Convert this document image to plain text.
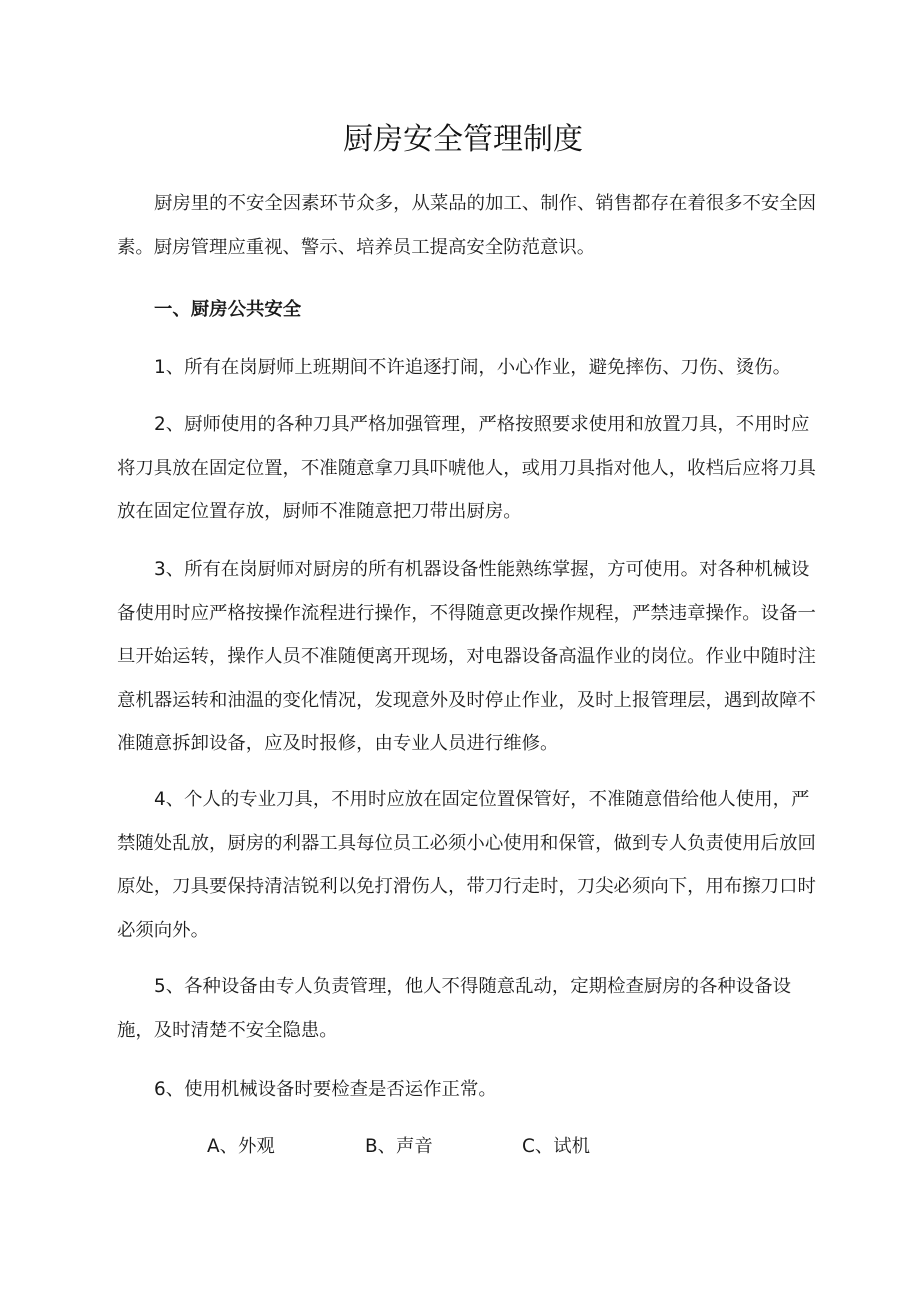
厨房安全管理制度

厨房里的不安全因素环节众多，从菜品的加工、制作、销售都存在着很多不安全因素。厨房管理应重视、警示、培养员工提高安全防范意识。

一、厨房公共安全

1、所有在岗厨师上班期间不许追逐打闹，小心作业，避免摔伤、刀伤、烫伤。

2、厨师使用的各种刀具严格加强管理，严格按照要求使用和放置刀具，不用时应将刀具放在固定位置，不准随意拿刀具吓唬他人，或用刀具指对他人，收档后应将刀具放在固定位置存放，厨师不准随意把刀带出厨房。

3、所有在岗厨师对厨房的所有机器设备性能熟练掌握，方可使用。对各种机械设备使用时应严格按操作流程进行操作，不得随意更改操作规程，严禁违章操作。设备一旦开始运转，操作人员不准随便离开现场，对电器设备高温作业的岗位。作业中随时注意机器运转和油温的变化情况，发现意外及时停止作业，及时上报管理层，遇到故障不准随意拆卸设备，应及时报修，由专业人员进行维修。

4、个人的专业刀具，不用时应放在固定位置保管好，不准随意借给他人使用，严禁随处乱放，厨房的利器工具每位员工必须小心使用和保管，做到专人负责使用后放回原处，刀具要保持清洁锐利以免打滑伤人，带刀行走时，刀尖必须向下，用布擦刀口时必须向外。

5、各种设备由专人负责管理，他人不得随意乱动，定期检查厨房的各种设备设施，及时清楚不安全隐患。

6、使用机械设备时要检查是否运作正常。

A、外观	B、声音	C、试机
